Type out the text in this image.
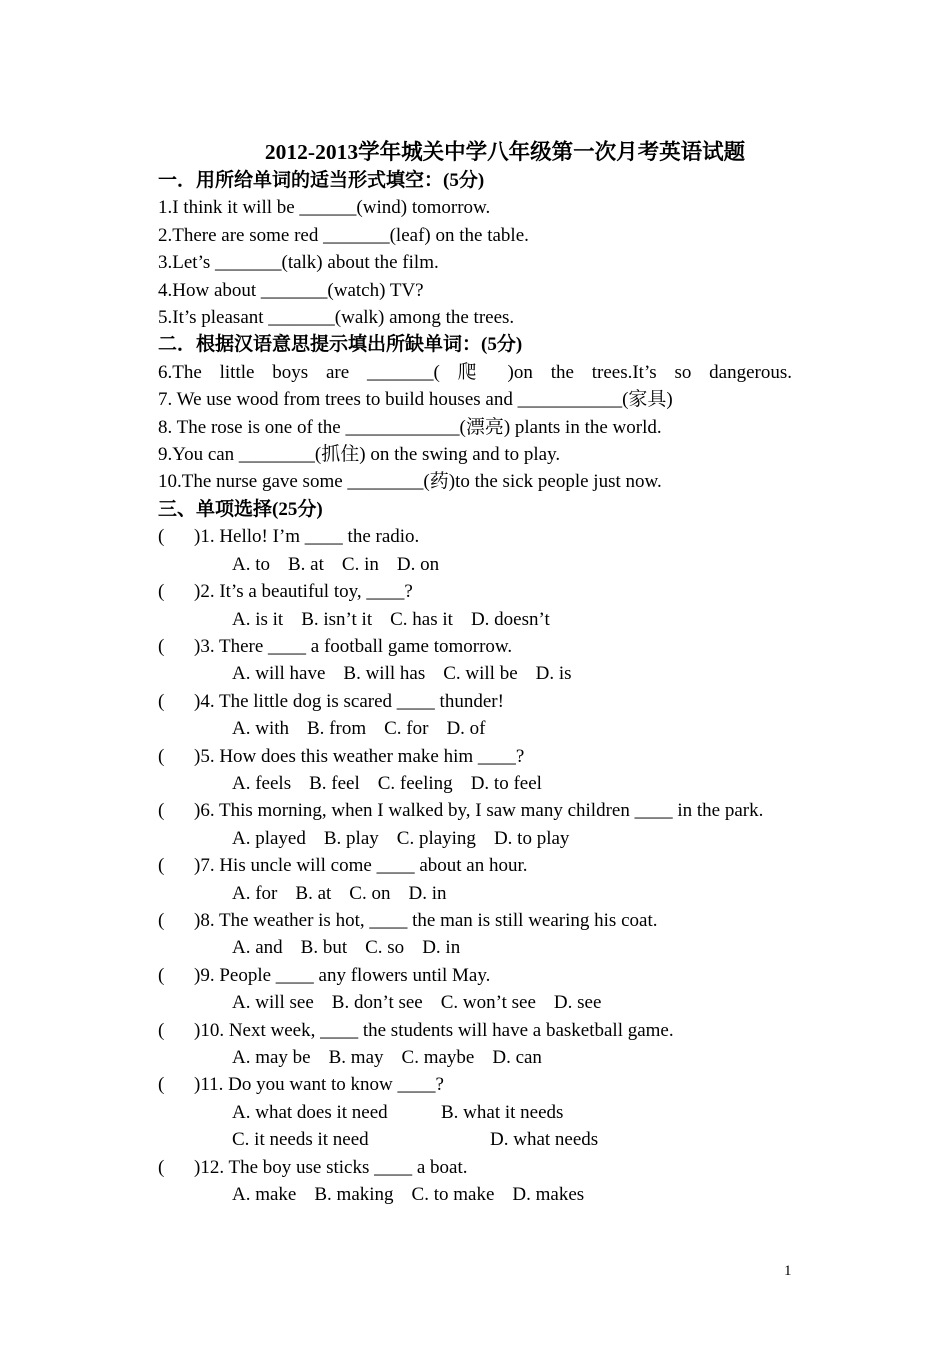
2012-2013学年城关中学八年级第一次月考英语试题
一．用所给单词的适当形式填空：(5分)
1.I think it will be ______(wind) tomorrow.
2.There are some red _______(leaf) on the table.
3.Let’s _______(talk) about the film.
4.How about _______(watch) TV?
5.It’s pleasant _______(walk) among the trees.
二．根据汉语意思提示填出所缺单词：(5分)
6.The little boys are _______( 爬 )on the trees.It’s so dangerous.
7. We use wood from trees to build houses and ___________(家具)
8. The rose is one of the ____________(漂亮) plants in the world.
9.You can ________(抓住) on the swing and to play.
10.The nurse gave some ________(药)to the sick people just now.
三、单项选择(25分)
( )1. Hello! I’m ____ the radio.
A. to B. at C. in D. on
( )2. It’s a beautiful toy, ____?
A. is it B. isn’t it C. has it D. doesn’t
( )3. There ____ a football game tomorrow.
A. will have B. will has C. will be D. is
( )4. The little dog is scared ____ thunder!
A. with B. from C. for D. of
( )5. How does this weather make him ____?
A. feels B. feel C. feeling D. to feel
( )6. This morning, when I walked by, I saw many children ____ in the park.
A. played B. play C. playing D. to play
( )7. His uncle will come ____ about an hour.
A. for B. at C. on D. in
( )8. The weather is hot, ____ the man is still wearing his coat.
A. and B. but C. so D. in
( )9. People ____ any flowers until May.
A. will see B. don’t see C. won’t see D. see
( )10. Next week, ____ the students will have a basketball game.
A. may be B. may C. maybe D. can
( )11. Do you want to know ____?
A. what does it need	B. what it needs
C. it needs it need	D. what needs
( )12. The boy use sticks ____ a boat.
A. make B. making C. to make D. makes
1
